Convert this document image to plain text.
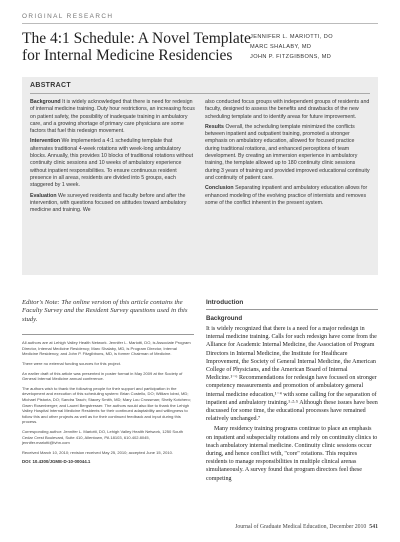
ORIGINAL RESEARCH
The 4:1 Schedule: A Novel Template for Internal Medicine Residencies
JENNIFER L. MARIOTTI, DO
MARC SHALABY, MD
JOHN P. FITZGIBBONS, MD
ABSTRACT

Background It is widely acknowledged that there is need for redesign of internal medicine training. Duty hour restrictions, an increasing focus on patient safety, the possibility of inadequate training in ambulatory care, and a growing shortage of primary care physicians are some factors that fuel this redesign movement.

Intervention We implemented a 4:1 scheduling template that alternates traditional 4-week rotations with week-long ambulatory blocks. Annually, this provides 10 blocks of traditional rotations without continuity clinic sessions and 10 weeks of ambulatory experience without inpatient responsibilities. To ensure continuous resident presence in all areas, residents are divided into 5 groups, each staggered by 1 week.

Evaluation We surveyed residents and faculty before and after the intervention, with questions focused on attitudes toward ambulatory medicine and training. We

also conducted focus groups with independent groups of residents and faculty, designed to assess the benefits and drawbacks of the new scheduling template and to identify areas for future improvement.

Results Overall, the scheduling template minimized the conflicts between inpatient and outpatient training, promoted a stronger emphasis on ambulatory education, allowed for focused practice during traditional rotations, and enhanced perceptions of team development. By creating an immersion experience in ambulatory training, the template allowed up to 180 continuity clinic sessions during 3 years of training and provided improved educational continuity and continuity of patient care.

Conclusion Separating inpatient and ambulatory education allows for enhanced modeling of the evolving practice of internists and removes some of the conflict inherent in the present system.

Editor's Note: The online version of this article contains the Faculty Survey and the Resident Survey questions used in this study.

All authors are at Lehigh Valley Health Network. Jennifer L. Mariotti, DO, is Associate Program Director, Internal Medicine Residency; Marc Shalaby, MD, is Program Director, Internal Medicine Residency; and John P. Fitzgibbons, MD, is former Chairman of Medicine.

There were no external funding sources for this project.

An earlier draft of this article was presented in poster format in May 2009 at the Society of General Internal Medicine annual conference.

The authors wish to thank the following people for their support and participation in the development and execution of this scheduling system: Brian Costello, DO; William Iobst, MD; Michael Pistoria, DO; Sandra Tasch; Stacey Smith, MD; Mary Lou Crossman; Shelly Kotchero; Gwen Rosenberger; and Laurel Bergstresser. The authors would also like to thank the Lehigh Valley Hospital Internal Medicine Residents for their continued adaptability and willingness to follow this and other projects as well as for their continued feedback and input during this process.

Corresponding author: Jennifer L. Mariotti, DO, Lehigh Valley Health Network, 1250 South Cedar Crest Boulevard, Suite 410, Allentown, PA 18103, 610.402.8045, jennifer.mariotti@lvhn.com

Received March 10, 2010; revision received May 25, 2010; accepted June 15, 2010.

DOI: 10.4300/JGME-D-10-00044.1
Introduction
Background

It is widely recognized that there is a need for a major redesign in internal medicine training. Calls for such redesign have come from the Alliance for Academic Internal Medicine, the Association of Program Directors in Internal Medicine, the Institute for Healthcare Improvement, the Society of General Internal Medicine, the American College of Physicians, and the American Board of Internal Medicine.¹⁻⁶ Recommendations for redesign have focused on stronger competency measurements and promotion of ambulatory general internal medicine education,¹⁻⁴ with some calling for the separation of inpatient and ambulatory training.¹·²·⁵ Although these issues have been discussed for some time, the educational processes have remained relatively unchanged.⁷

Many residency training programs continue to place an emphasis on inpatient and subspecialty rotations and rely on continuity clinics to teach ambulatory internal medicine. Continuity clinic sessions occur during, and hence conflict with, "core" rotations. This requires residents to manage responsibilities in multiple clinical arenas simultaneously. A survey found that program directors feel these competing

Journal of Graduate Medical Education, December 2010 541
